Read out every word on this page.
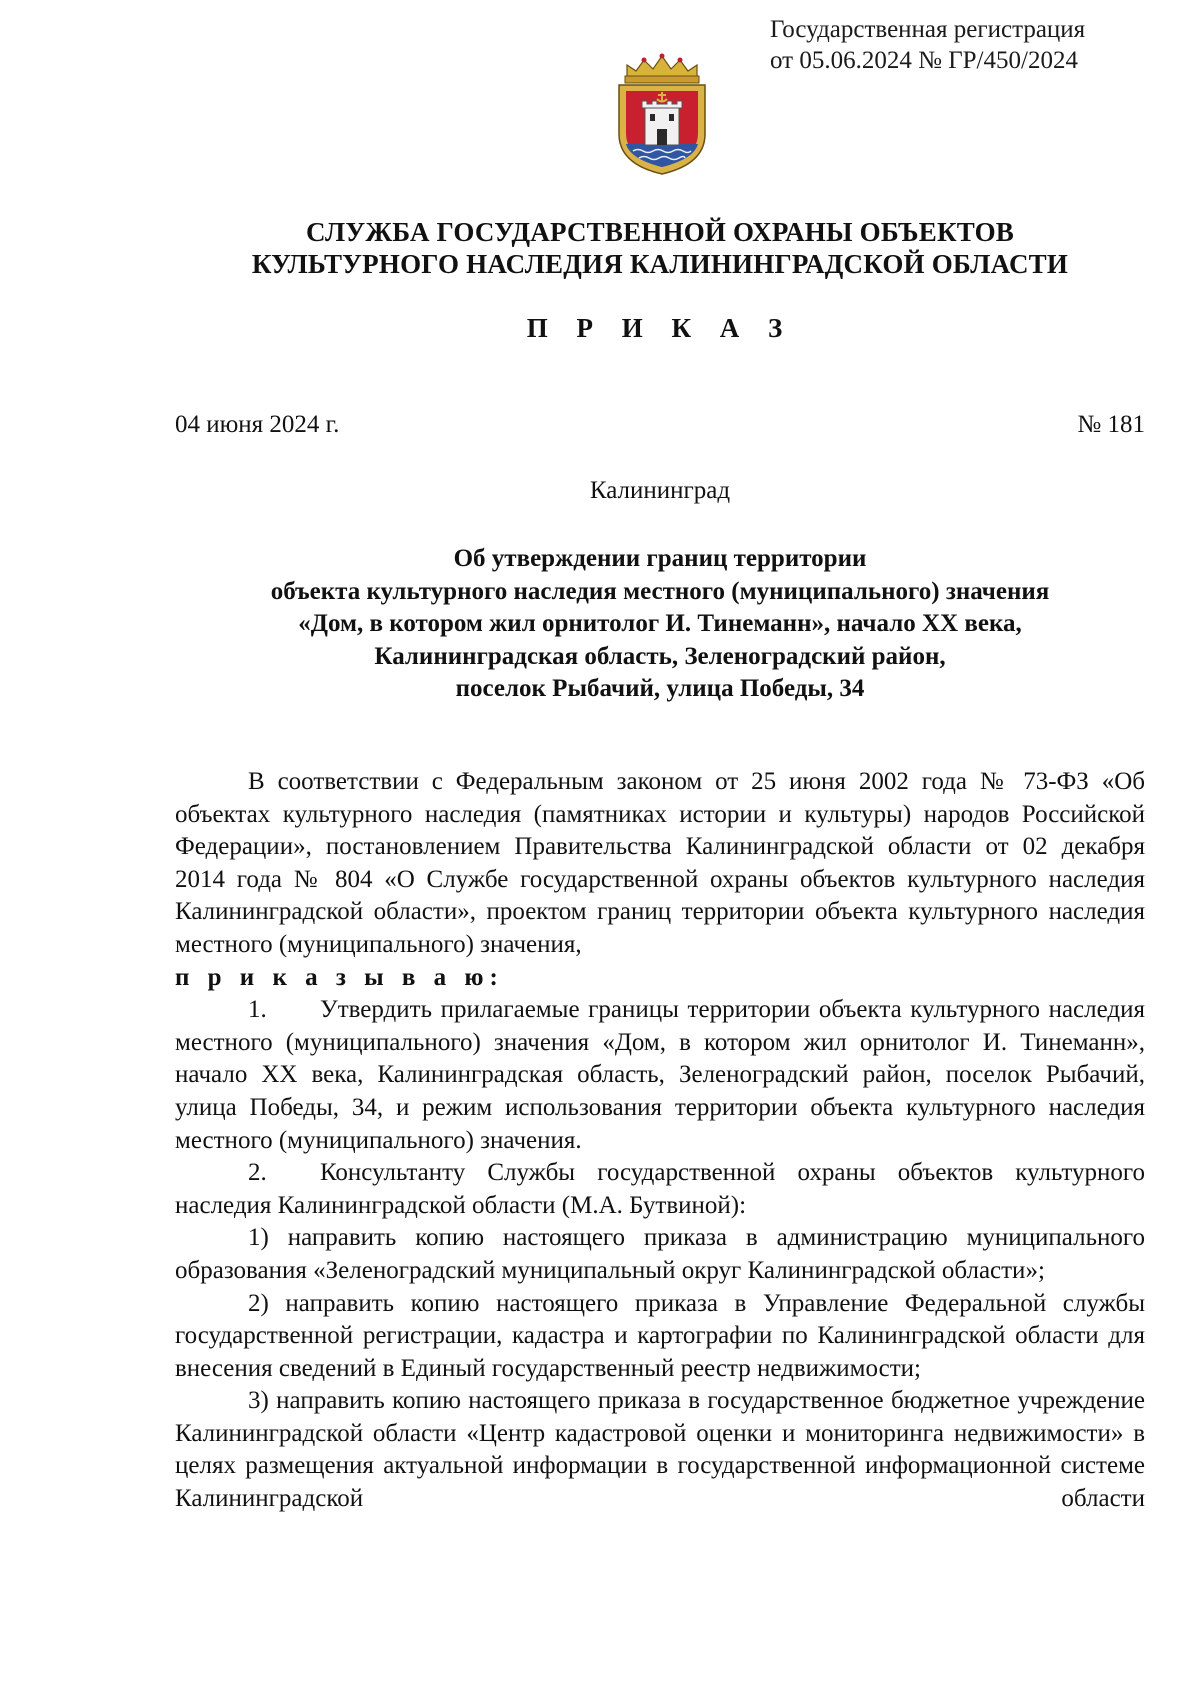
Государственная регистрация
от 05.06.2024 № ГР/450/2024
СЛУЖБА ГОСУДАРСТВЕННОЙ ОХРАНЫ ОБЪЕКТОВ
КУЛЬТУРНОГО НАСЛЕДИЯ КАЛИНИНГРАДСКОЙ ОБЛАСТИ
П Р И К А З
04 июня 2024 г.	№ 181
Калининград
Об утверждении границ территории
объекта культурного наследия местного (муниципального) значения
«Дом, в котором жил орнитолог И. Тинеманн», начало XX века,
Калининградская область, Зеленоградский район,
поселок Рыбачий, улица Победы, 34

В соответствии с Федеральным законом от 25 июня 2002 года № 73-ФЗ «Об объектах культурного наследия (памятниках истории и культуры) народов Российской Федерации», постановлением Правительства Калининградской области от 02 декабря 2014 года № 804 «О Службе государственной охраны объектов культурного наследия Калининградской области», проектом границ территории объекта культурного наследия местного (муниципального) значения,
п р и к а з ы в а ю:

1. Утвердить прилагаемые границы территории объекта культурного наследия местного (муниципального) значения «Дом, в котором жил орнитолог И. Тинеманн», начало XX века, Калининградская область, Зеленоградский район, поселок Рыбачий, улица Победы, 34, и режим использования территории объекта культурного наследия местного (муниципального) значения.

2. Консультанту Службы государственной охраны объектов культурного наследия Калининградской области (М.А. Бутвиной):

1) направить копию настоящего приказа в администрацию муниципального образования «Зеленоградский муниципальный округ Калининградской области»;

2) направить копию настоящего приказа в Управление Федеральной службы государственной регистрации, кадастра и картографии по Калининградской области для внесения сведений в Единый государственный реестр недвижимости;

3) направить копию настоящего приказа в государственное бюджетное учреждение Калининградской области «Центр кадастровой оценки и мониторинга недвижимости» в целях размещения актуальной информации в государственной информационной системе Калининградской области
